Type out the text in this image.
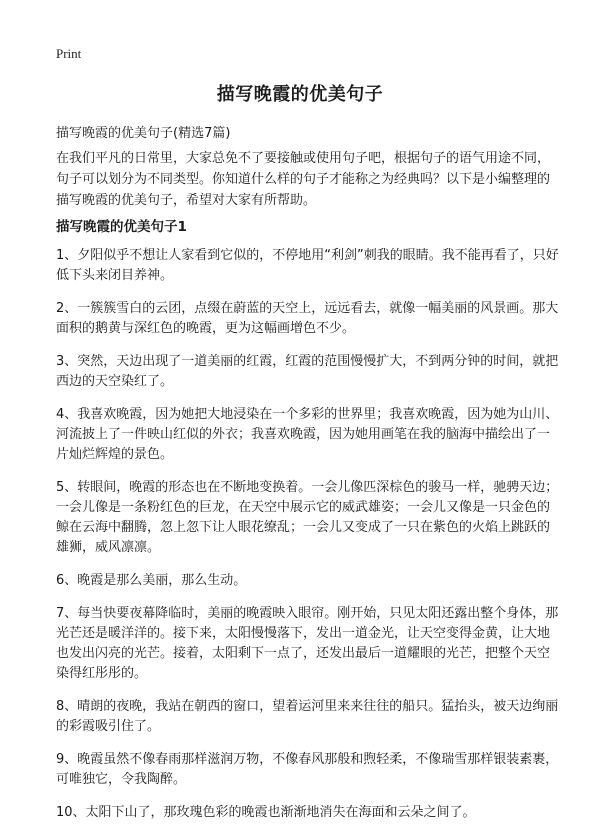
Print
描写晚霞的优美句子
描写晚霞的优美句子(精选7篇)
在我们平凡的日常里，大家总免不了要接触或使用句子吧，根据句子的语气用途不同，句子可以划分为不同类型。你知道什么样的句子才能称之为经典吗？以下是小编整理的描写晚霞的优美句子，希望对大家有所帮助。
描写晚霞的优美句子1

1、夕阳似乎不想让人家看到它似的，不停地用“利剑”刺我的眼睛。我不能再看了，只好低下头来闭目养神。

2、一簇簇雪白的云团，点缀在蔚蓝的天空上，远远看去，就像一幅美丽的风景画。那大面积的鹅黄与深红色的晚霞，更为这幅画增色不少。

3、突然，天边出现了一道美丽的红霞，红霞的范围慢慢扩大，不到两分钟的时间，就把西边的天空染红了。

4、我喜欢晚霞，因为她把大地浸染在一个多彩的世界里；我喜欢晚霞，因为她为山川、河流披上了一件映山红似的外衣；我喜欢晚霞，因为她用画笔在我的脑海中描绘出了一片灿烂辉煌的景色。

5、转眼间，晚霞的形态也在不断地变换着。一会儿像匹深棕色的骏马一样，驰骋天边；一会儿像是一条粉红色的巨龙，在天空中展示它的威武雄姿；一会儿又像是一只金色的鲸在云海中翻腾，忽上忽下让人眼花缭乱；一会儿又变成了一只在紫色的火焰上跳跃的雄狮，威风凛凛。

6、晚霞是那么美丽，那么生动。

7、每当快要夜幕降临时，美丽的晚霞映入眼帘。刚开始，只见太阳还露出整个身体，那光芒还是暖洋洋的。接下来，太阳慢慢落下，发出一道金光，让天空变得金黄，让大地也发出闪亮的光芒。接着，太阳剩下一点了，还发出最后一道耀眼的光芒，把整个天空染得红彤彤的。

8、晴朗的夜晚，我站在朝西的窗口，望着运河里来来往往的船只。猛抬头，被天边绚丽的彩霞吸引住了。

9、晚霞虽然不像春雨那样滋润万物，不像春风那般和煦轻柔，不像瑞雪那样银装素裹，可唯独它，令我陶醉。

10、太阳下山了，那玫瑰色彩的晚霞也渐渐地消失在海面和云朵之间了。
